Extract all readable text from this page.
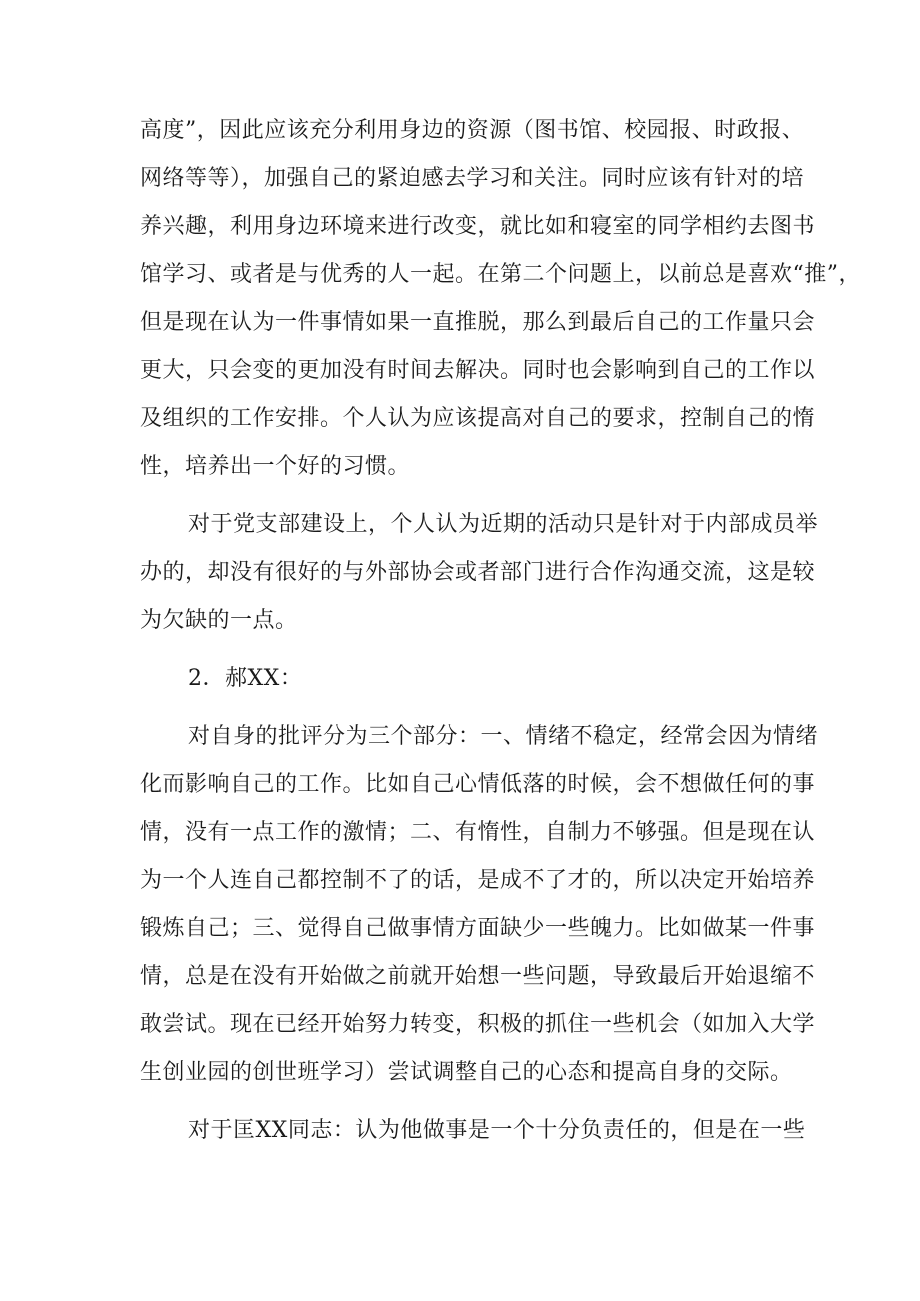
高度”，因此应该充分利用身边的资源（图书馆、校园报、时政报、
网络等等），加强自己的紧迫感去学习和关注。同时应该有针对的培
养兴趣，利用身边环境来进行改变，就比如和寝室的同学相约去图书
馆学习、或者是与优秀的人一起。在第二个问题上，以前总是喜欢“推”，
但是现在认为一件事情如果一直推脱，那么到最后自己的工作量只会
更大，只会变的更加没有时间去解决。同时也会影响到自己的工作以
及组织的工作安排。个人认为应该提高对自己的要求，控制自己的惰
性，培养出一个好的习惯。
对于党支部建设上，个人认为近期的活动只是针对于内部成员举
办的，却没有很好的与外部协会或者部门进行合作沟通交流，这是较
为欠缺的一点。
2．郝XX：
对自身的批评分为三个部分：一、情绪不稳定，经常会因为情绪
化而影响自己的工作。比如自己心情低落的时候，会不想做任何的事
情，没有一点工作的激情；二、有惰性，自制力不够强。但是现在认
为一个人连自己都控制不了的话，是成不了才的，所以决定开始培养
锻炼自己；三、觉得自己做事情方面缺少一些魄力。比如做某一件事
情，总是在没有开始做之前就开始想一些问题，导致最后开始退缩不
敢尝试。现在已经开始努力转变，积极的抓住一些机会（如加入大学
生创业园的创世班学习）尝试调整自己的心态和提高自身的交际。
对于匡XX同志：认为他做事是一个十分负责任的，但是在一些
